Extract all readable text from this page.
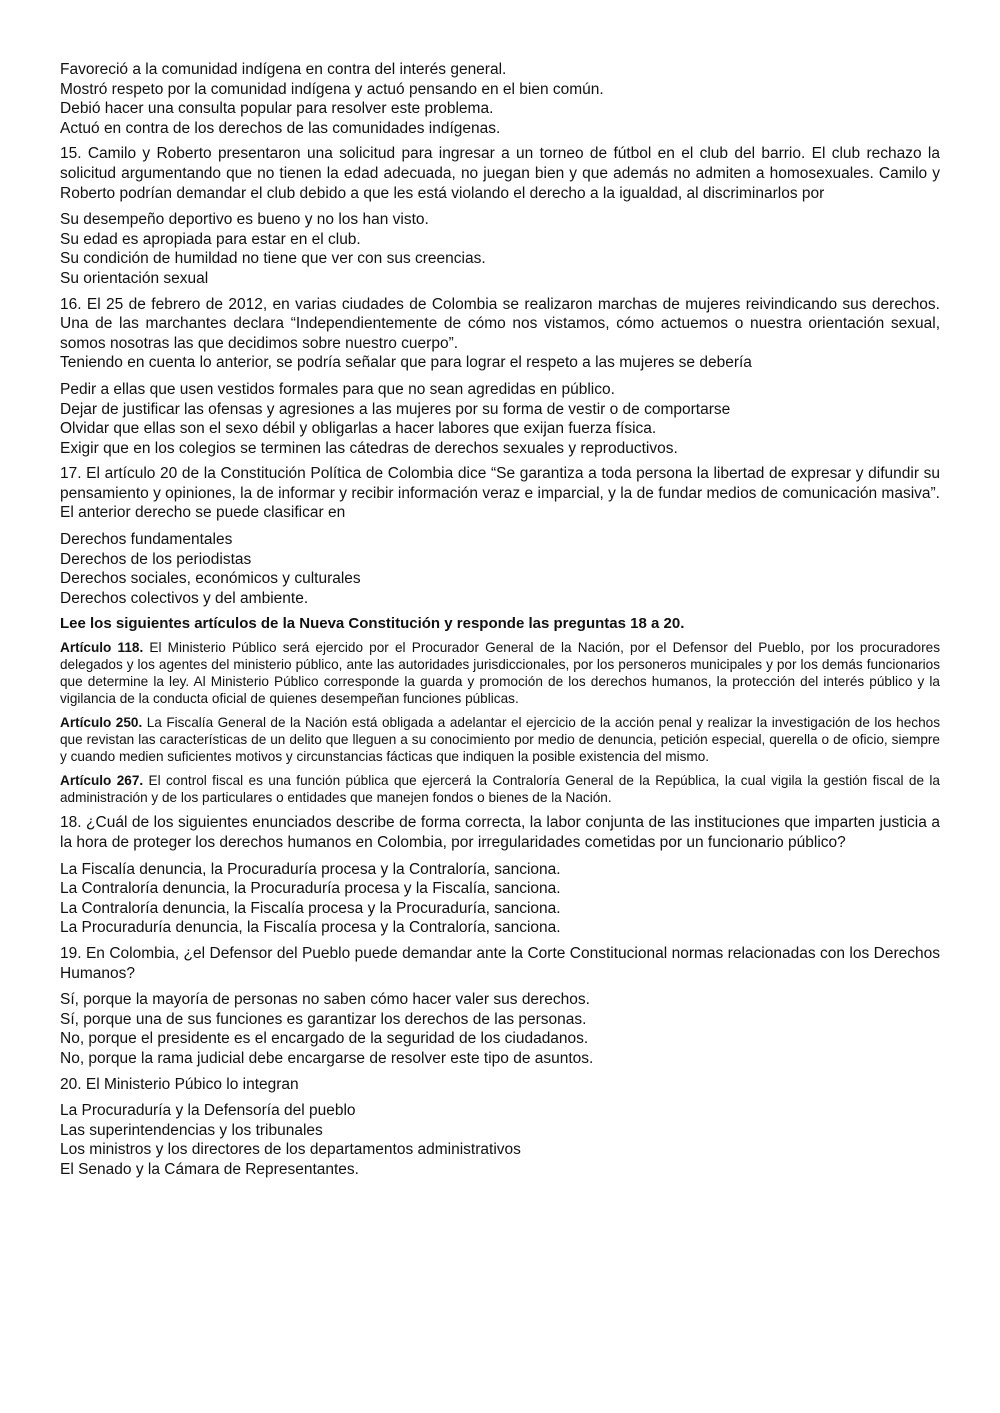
Favoreció a la comunidad indígena en contra del interés general.
Mostró respeto por la comunidad indígena y actuó pensando en el bien común.
Debió hacer una consulta popular para resolver este problema.
Actuó en contra de los derechos de las comunidades indígenas.
15. Camilo y Roberto presentaron una solicitud para ingresar a un torneo de fútbol en el club del barrio. El club rechazo la solicitud argumentando que no tienen la edad adecuada, no juegan bien y que además no admiten a homosexuales. Camilo y Roberto podrían demandar el club debido a que les está violando el derecho a la igualdad, al discriminarlos por
Su desempeño deportivo es bueno y no los han visto.
Su edad es apropiada para estar en el club.
Su condición de humildad no tiene que ver con sus creencias.
Su orientación sexual
16. El 25 de febrero de 2012, en varias ciudades de Colombia se realizaron marchas de mujeres reivindicando sus derechos. Una de las marchantes declara “Independientemente de cómo nos vistamos, cómo actuemos o nuestra orientación sexual, somos nosotras las que decidimos sobre nuestro cuerpo”.
Teniendo en cuenta lo anterior, se podría señalar que para lograr el respeto a las mujeres se debería
Pedir a ellas que usen vestidos formales para que no sean agredidas en público.
Dejar de justificar las ofensas y agresiones a las mujeres por su forma de vestir o de comportarse
Olvidar que ellas son el sexo débil y obligarlas a hacer labores que exijan fuerza física.
Exigir que en los colegios se terminen las cátedras de derechos sexuales y reproductivos.
17. El artículo 20 de la Constitución Política de Colombia dice “Se garantiza a toda persona la libertad de expresar y difundir su pensamiento y opiniones, la de informar y recibir información veraz e imparcial, y la de fundar medios de comunicación masiva”. El anterior derecho se puede clasificar en
Derechos fundamentales
Derechos de los periodistas
Derechos sociales, económicos y culturales
Derechos colectivos y del ambiente.
Lee los siguientes artículos de la Nueva Constitución y responde las preguntas 18 a 20.
Artículo 118. El Ministerio Público será ejercido por el Procurador General de la Nación, por el Defensor del Pueblo, por los procuradores delegados y los agentes del ministerio público, ante las autoridades jurisdiccionales, por los personeros municipales y por los demás funcionarios que determine la ley. Al Ministerio Público corresponde la guarda y promoción de los derechos humanos, la protección del interés público y la vigilancia de la conducta oficial de quienes desempeñan funciones públicas.
Artículo 250. La Fiscalía General de la Nación está obligada a adelantar el ejercicio de la acción penal y realizar la investigación de los hechos que revistan las características de un delito que lleguen a su conocimiento por medio de denuncia, petición especial, querella o de oficio, siempre y cuando medien suficientes motivos y circunstancias fácticas que indiquen la posible existencia del mismo.
Artículo 267. El control fiscal es una función pública que ejercerá la Contraloría General de la República, la cual vigila la gestión fiscal de la administración y de los particulares o entidades que manejen fondos o bienes de la Nación.
18. ¿Cuál de los siguientes enunciados describe de forma correcta, la labor conjunta de las instituciones que imparten justicia a la hora de proteger los derechos humanos en Colombia, por irregularidades cometidas por un funcionario público?
La Fiscalía denuncia, la Procuraduría procesa y la Contraloría, sanciona.
La Contraloría denuncia, la Procuraduría procesa y la Fiscalía, sanciona.
La Contraloría denuncia, la Fiscalía procesa y la Procuraduría, sanciona.
La Procuraduría denuncia, la Fiscalía procesa y la Contraloría, sanciona.
19. En Colombia, ¿el Defensor del Pueblo puede demandar ante la Corte Constitucional normas relacionadas con los Derechos Humanos?
Sí, porque la mayoría de personas no saben cómo hacer valer sus derechos.
Sí, porque una de sus funciones es garantizar los derechos de las personas.
No, porque el presidente es el encargado de la seguridad de los ciudadanos.
No, porque la rama judicial debe encargarse de resolver este tipo de asuntos.
20. El Ministerio Púbico lo integran
La Procuraduría y la Defensoría del pueblo
Las superintendencias y los tribunales
Los ministros y los directores de los departamentos administrativos
El Senado y la Cámara de Representantes.
